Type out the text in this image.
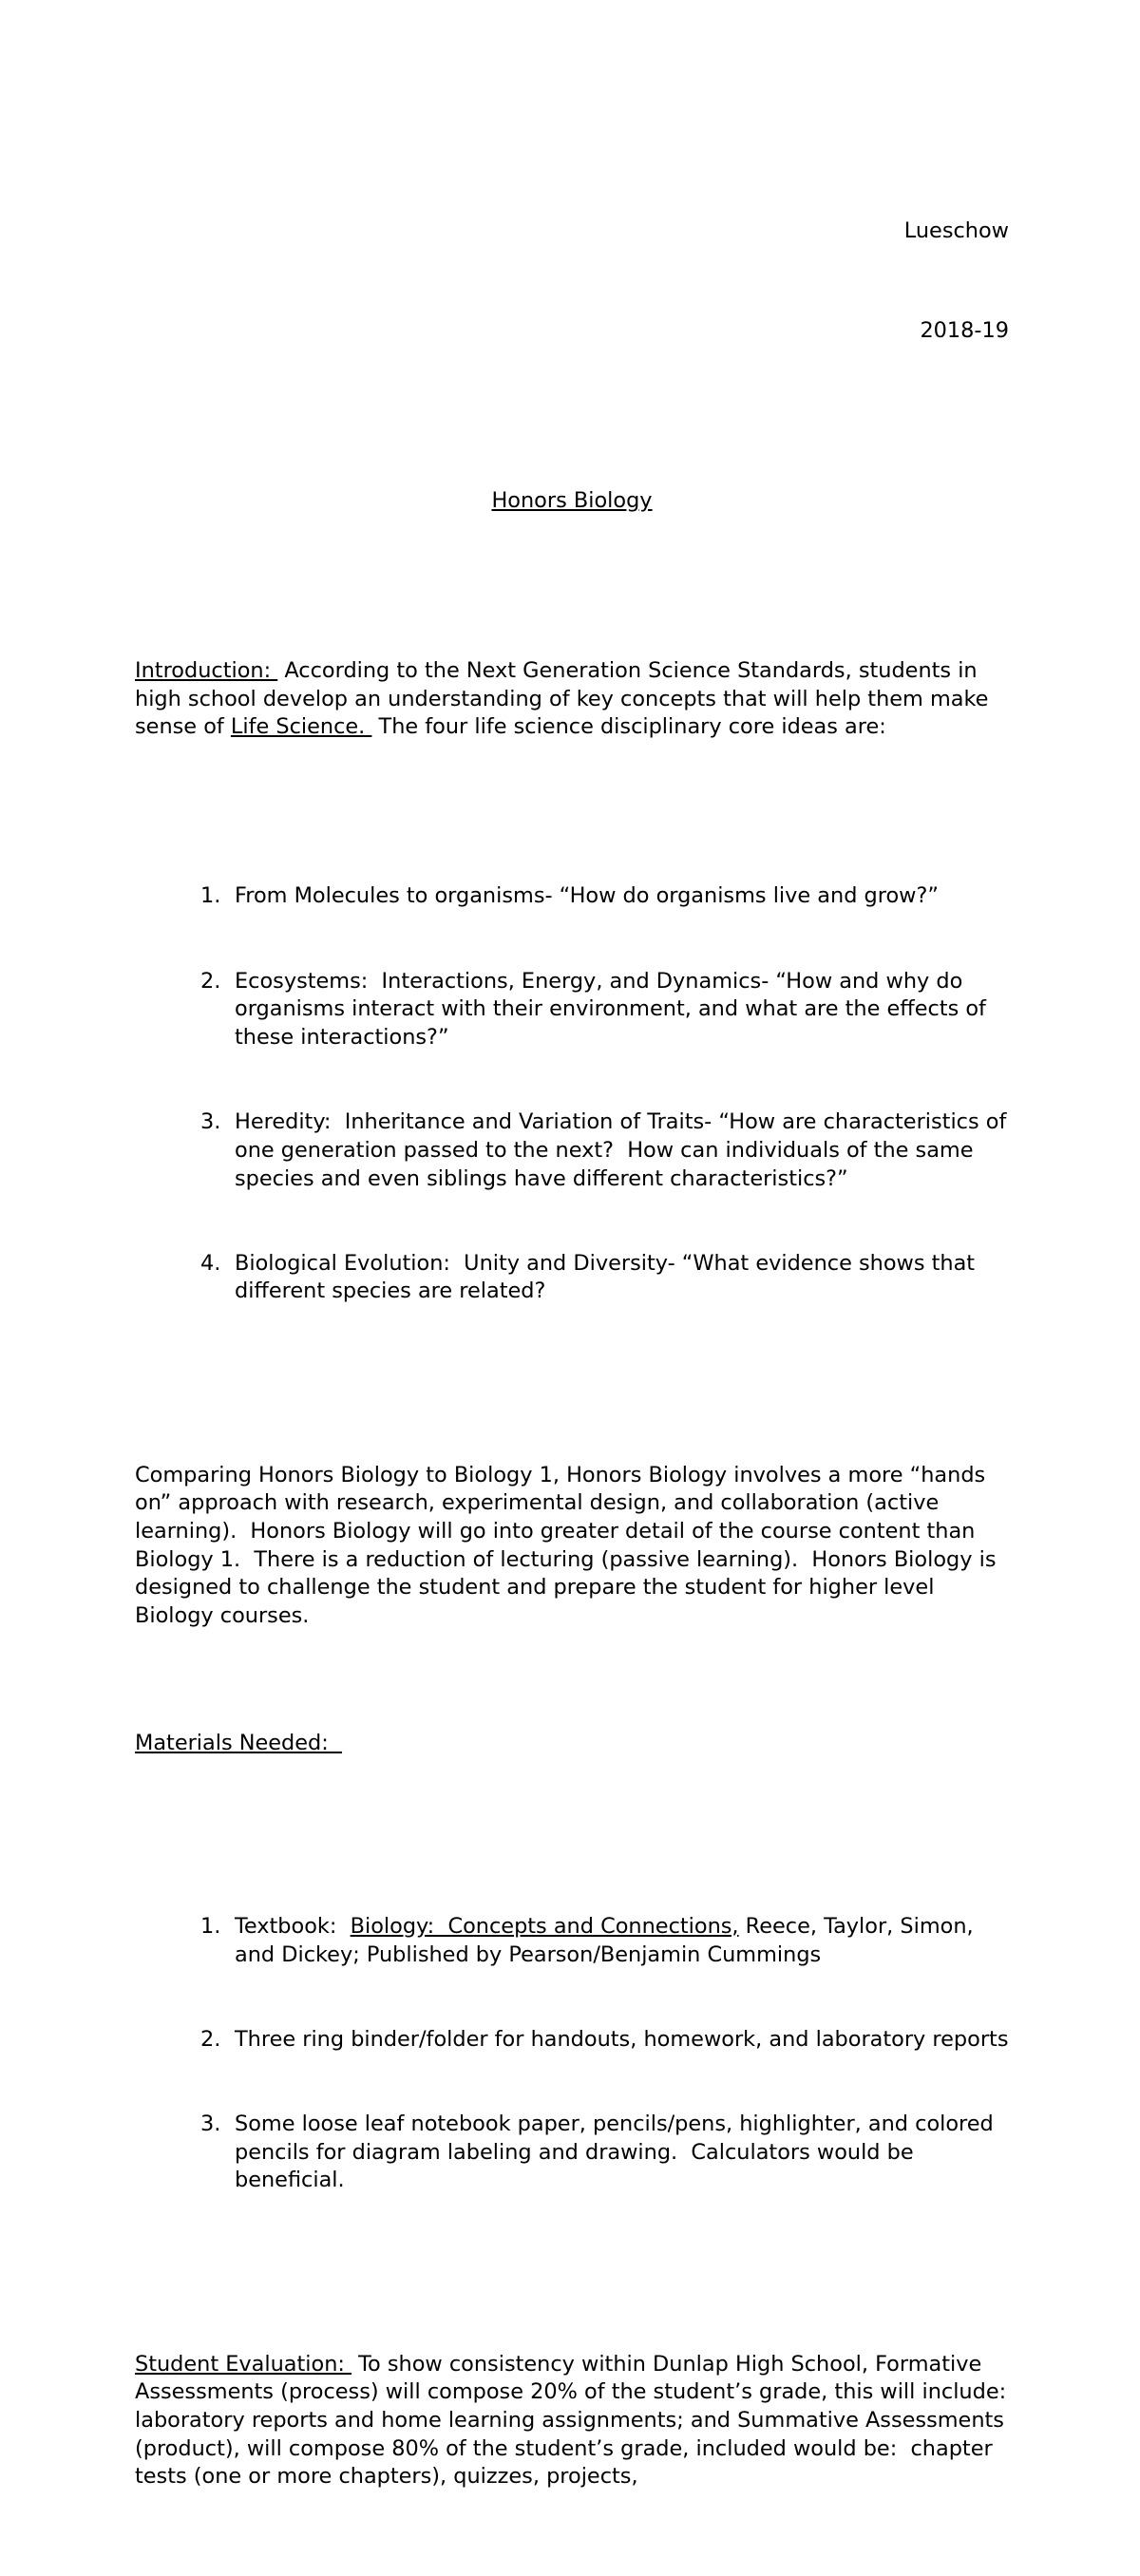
Lueschow

2018-19

Honors Biology

Introduction:  According to the Next Generation Science Standards, students in high school develop an understanding of key concepts that will help them make sense of Life Science.  The four life science disciplinary core ideas are:

1. From Molecules to organisms- “How do organisms live and grow?”

2. Ecosystems:  Interactions, Energy, and Dynamics- “How and why do organisms interact with their environment, and what are the effects of these interactions?”

3. Heredity:  Inheritance and Variation of Traits- “How are characteristics of one generation passed to the next?  How can individuals of the same species and even siblings have different characteristics?”

4. Biological Evolution:  Unity and Diversity- “What evidence shows that different species are related?

Comparing Honors Biology to Biology 1, Honors Biology involves a more “hands on” approach with research, experimental design, and collaboration (active learning).  Honors Biology will go into greater detail of the course content than Biology 1.  There is a reduction of lecturing (passive learning).  Honors Biology is designed to challenge the student and prepare the student for higher level Biology courses.

Materials Needed:

1. Textbook:  Biology:  Concepts and Connections, Reece, Taylor, Simon, and Dickey; Published by Pearson/Benjamin Cummings

2. Three ring binder/folder for handouts, homework, and laboratory reports

3. Some loose leaf notebook paper, pencils/pens, highlighter, and colored pencils for diagram labeling and drawing.  Calculators would be beneficial.

Student Evaluation:  To show consistency within Dunlap High School, Formative Assessments (process) will compose 20% of the student’s grade, this will include:  laboratory reports and home learning assignments; and Summative Assessments (product), will compose 80% of the student’s grade, included would be:  chapter tests (one or more chapters), quizzes, projects,
